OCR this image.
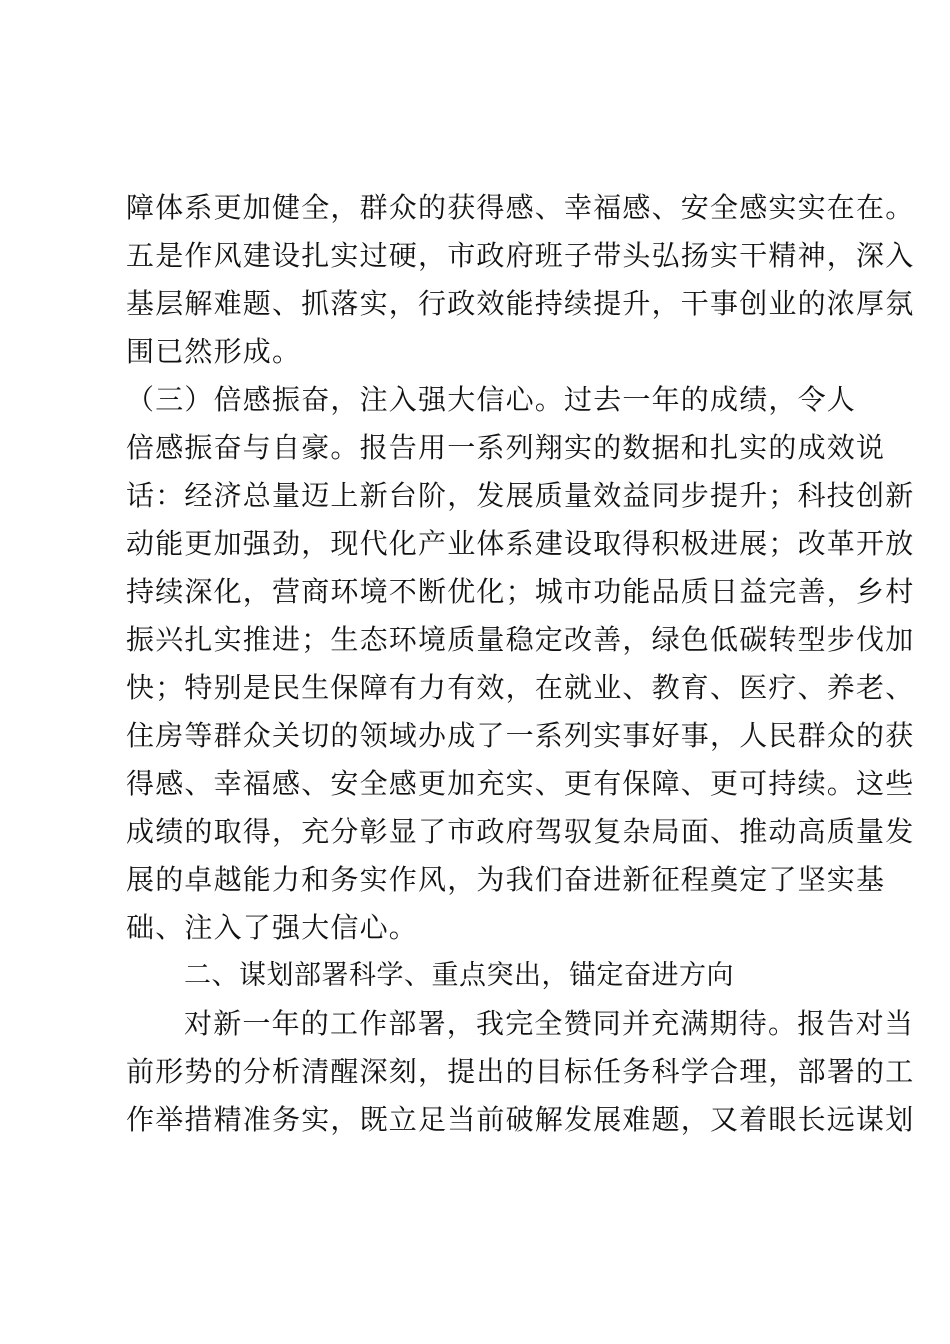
障体系更加健全，群众的获得感、幸福感、安全感实实在在。
五是作风建设扎实过硬，市政府班子带头弘扬实干精神，深入
基层解难题、抓落实，行政效能持续提升，干事创业的浓厚氛
围已然形成。
（三）倍感振奋，注入强大信心。过去一年的成绩，令人
倍感振奋与自豪。报告用一系列翔实的数据和扎实的成效说
话：经济总量迈上新台阶，发展质量效益同步提升；科技创新
动能更加强劲，现代化产业体系建设取得积极进展；改革开放
持续深化，营商环境不断优化；城市功能品质日益完善，乡村
振兴扎实推进；生态环境质量稳定改善，绿色低碳转型步伐加
快；特别是民生保障有力有效，在就业、教育、医疗、养老、
住房等群众关切的领域办成了一系列实事好事，人民群众的获
得感、幸福感、安全感更加充实、更有保障、更可持续。这些
成绩的取得，充分彰显了市政府驾驭复杂局面、推动高质量发
展的卓越能力和务实作风，为我们奋进新征程奠定了坚实基
础、注入了强大信心。
二、谋划部署科学、重点突出，锚定奋进方向
对新一年的工作部署，我完全赞同并充满期待。报告对当
前形势的分析清醒深刻，提出的目标任务科学合理，部署的工
作举措精准务实，既立足当前破解发展难题，又着眼长远谋划
